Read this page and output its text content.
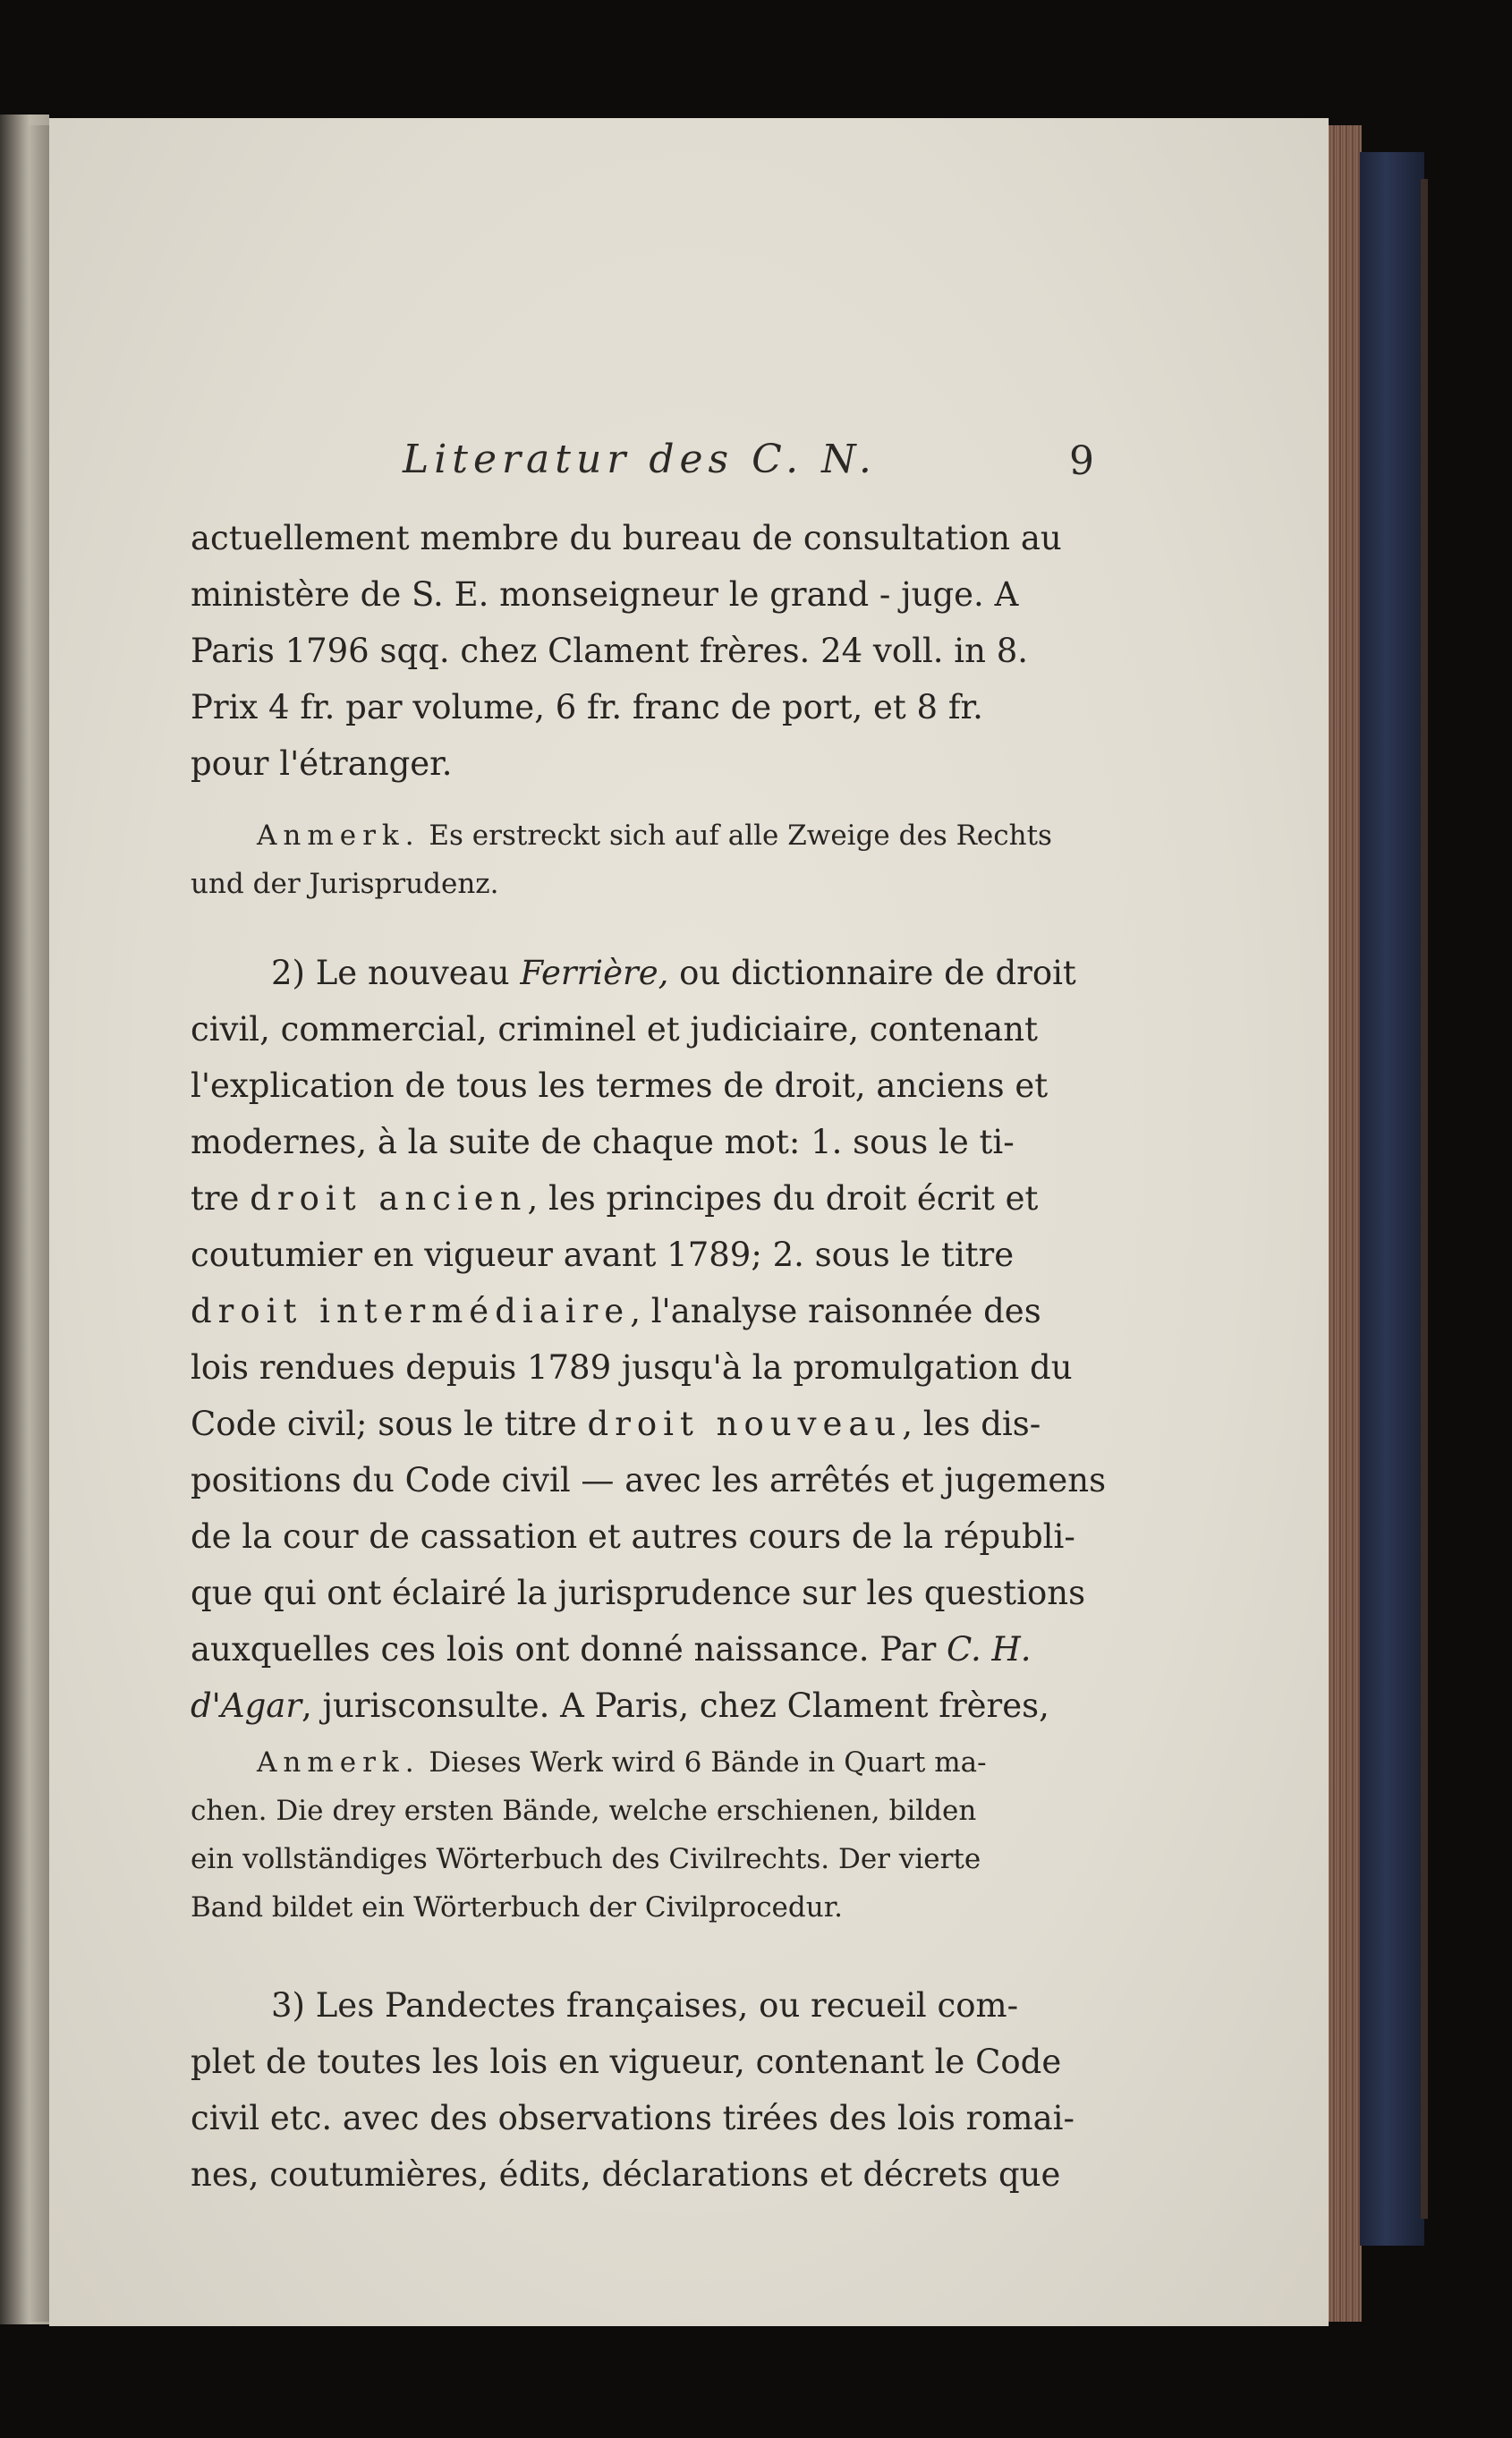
Literatur des C. N.	9
actuellement membre du bureau de consultation au
ministère de S. E. monseigneur le grand - juge. A
Paris 1796 sqq. chez Clament frères. 24 voll. in 8.
Prix 4 fr. par volume, 6 fr. franc de port, et 8 fr.
pour l'étranger.
Anmerk. Es erstreckt sich auf alle Zweige des Rechts
und der Jurisprudenz.
2) Le nouveau Ferrière, ou dictionnaire de droit
civil, commercial, criminel et judiciaire, contenant
l'explication de tous les termes de droit, anciens et
modernes, à la suite de chaque mot: 1. sous le ti-
tre droit ancien, les principes du droit écrit et
coutumier en vigueur avant 1789; 2. sous le titre
droit intermédiaire, l'analyse raisonnée des
lois rendues depuis 1789 jusqu'à la promulgation du
Code civil; sous le titre droit nouveau, les dis-
positions du Code civil — avec les arrêtés et jugemens
de la cour de cassation et autres cours de la républi-
que qui ont éclairé la jurisprudence sur les questions
auxquelles ces lois ont donné naissance. Par C. H.
d'Agar, jurisconsulte. A Paris, chez Clament frères,
Anmerk. Dieses Werk wird 6 Bände in Quart ma-
chen. Die drey ersten Bände, welche erschienen, bilden
ein vollständiges Wörterbuch des Civilrechts. Der vierte
Band bildet ein Wörterbuch der Civilprocedur.
3) Les Pandectes françaises, ou recueil com-
plet de toutes les lois en vigueur, contenant le Code
civil etc. avec des observations tirées des lois romai-
nes, coutumières, édits, déclarations et décrets que
